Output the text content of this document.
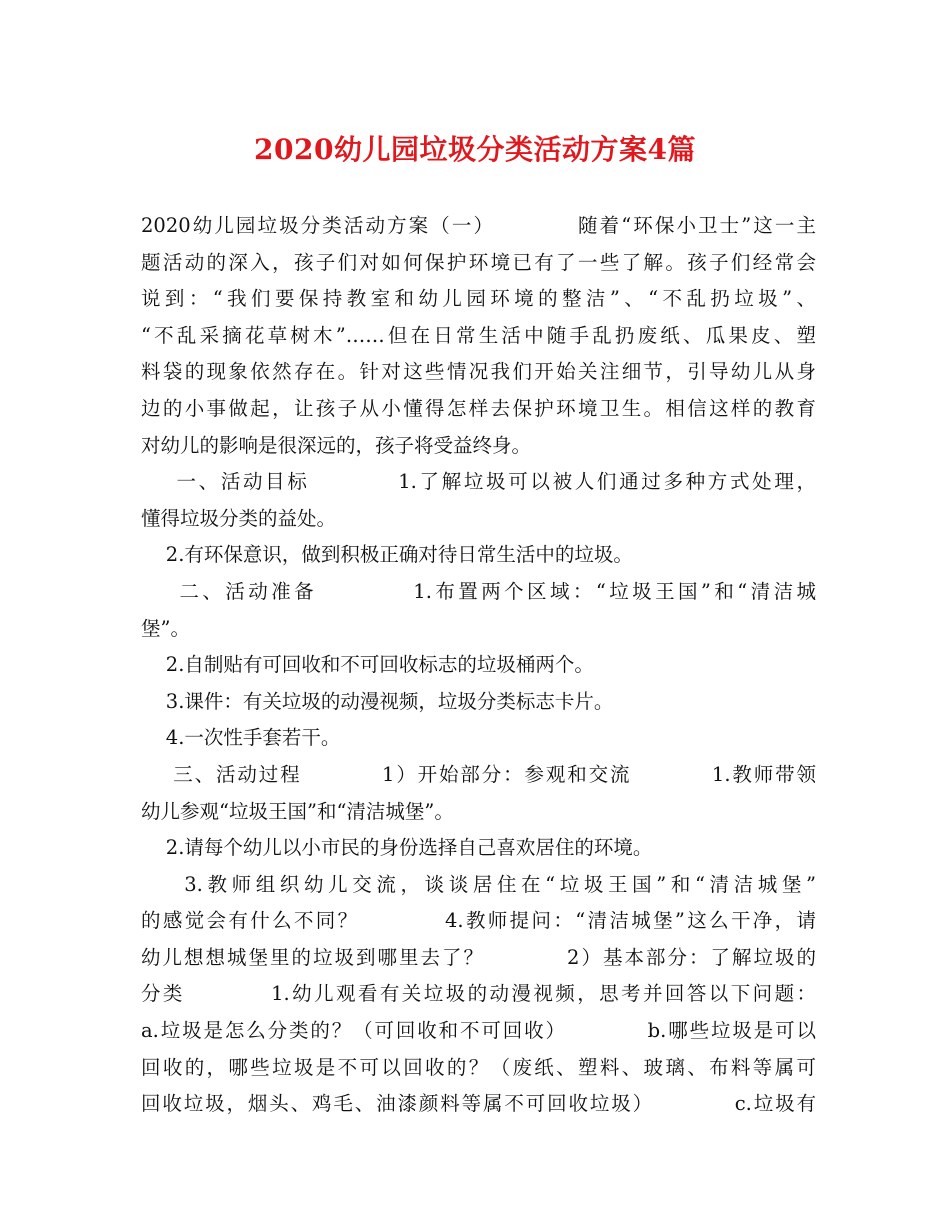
2020幼儿园垃圾分类活动方案4篇
2020幼儿园垃圾分类活动方案（一）          随着“环保小卫士”这一主
题活动的深入，孩子们对如何保护环境已有了一些了解。孩子们经常会
说到：“我们要保持教室和幼儿园环境的整洁”、“不乱扔垃圾”、
“不乱采摘花草树木”……但在日常生活中随手乱扔废纸、瓜果皮、塑
料袋的现象依然存在。针对这些情况我们开始关注细节，引导幼儿从身
边的小事做起，让孩子从小懂得怎样去保护环境卫生。相信这样的教育
对幼儿的影响是很深远的，孩子将受益终身。
一、活动目标          1.了解垃圾可以被人们通过多种方式处理，
懂得垃圾分类的益处。
2.有环保意识，做到积极正确对待日常生活中的垃圾。
二、活动准备          1.布置两个区域：“垃圾王国”和“清洁城
堡”。
2.自制贴有可回收和不可回收标志的垃圾桶两个。
3.课件：有关垃圾的动漫视频，垃圾分类标志卡片。
4.一次性手套若干。
三、活动过程          1）开始部分：参观和交流          1.教师带领
幼儿参观“垃圾王国”和“清洁城堡”。
2.请每个幼儿以小市民的身份选择自己喜欢居住的环境。
3.教师组织幼儿交流，谈谈居住在“垃圾王国”和“清洁城堡”
的感觉会有什么不同？          4.教师提问：“清洁城堡”这么干净，请
幼儿想想城堡里的垃圾到哪里去了？          2）基本部分：了解垃圾的
分类          1.幼儿观看有关垃圾的动漫视频，思考并回答以下问题：
a.垃圾是怎么分类的？（可回收和不可回收）          b.哪些垃圾是可以
回收的，哪些垃圾是不可以回收的？（废纸、塑料、玻璃、布料等属可
回收垃圾，烟头、鸡毛、油漆颜料等属不可回收垃圾）          c.垃圾有
